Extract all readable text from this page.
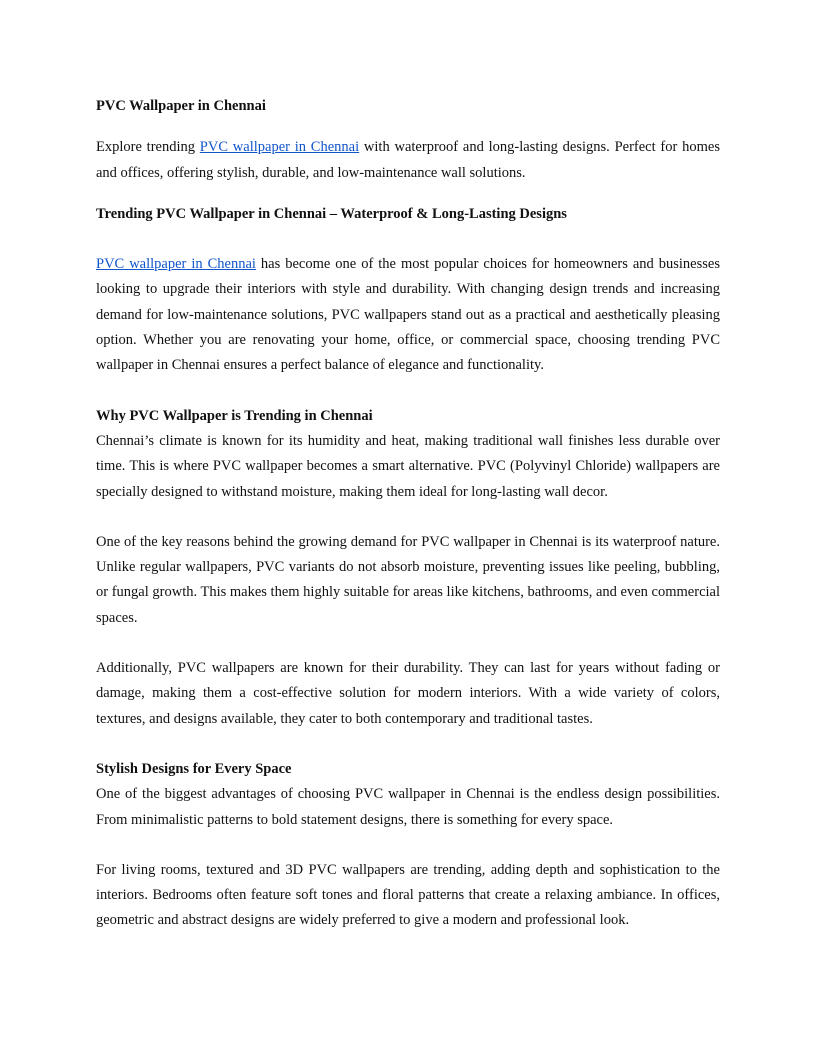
PVC Wallpaper in Chennai

Explore trending PVC wallpaper in Chennai with waterproof and long-lasting designs. Perfect for homes and offices, offering stylish, durable, and low-maintenance wall solutions.

Trending PVC Wallpaper in Chennai – Waterproof & Long-Lasting Designs

PVC wallpaper in Chennai has become one of the most popular choices for homeowners and businesses looking to upgrade their interiors with style and durability. With changing design trends and increasing demand for low-maintenance solutions, PVC wallpapers stand out as a practical and aesthetically pleasing option. Whether you are renovating your home, office, or commercial space, choosing trending PVC wallpaper in Chennai ensures a perfect balance of elegance and functionality.

Why PVC Wallpaper is Trending in Chennai

Chennai’s climate is known for its humidity and heat, making traditional wall finishes less durable over time. This is where PVC wallpaper becomes a smart alternative. PVC (Polyvinyl Chloride) wallpapers are specially designed to withstand moisture, making them ideal for long-lasting wall decor.

One of the key reasons behind the growing demand for PVC wallpaper in Chennai is its waterproof nature. Unlike regular wallpapers, PVC variants do not absorb moisture, preventing issues like peeling, bubbling, or fungal growth. This makes them highly suitable for areas like kitchens, bathrooms, and even commercial spaces.

Additionally, PVC wallpapers are known for their durability. They can last for years without fading or damage, making them a cost-effective solution for modern interiors. With a wide variety of colors, textures, and designs available, they cater to both contemporary and traditional tastes.

Stylish Designs for Every Space

One of the biggest advantages of choosing PVC wallpaper in Chennai is the endless design possibilities. From minimalistic patterns to bold statement designs, there is something for every space.

For living rooms, textured and 3D PVC wallpapers are trending, adding depth and sophistication to the interiors. Bedrooms often feature soft tones and floral patterns that create a relaxing ambiance. In offices, geometric and abstract designs are widely preferred to give a modern and professional look.
